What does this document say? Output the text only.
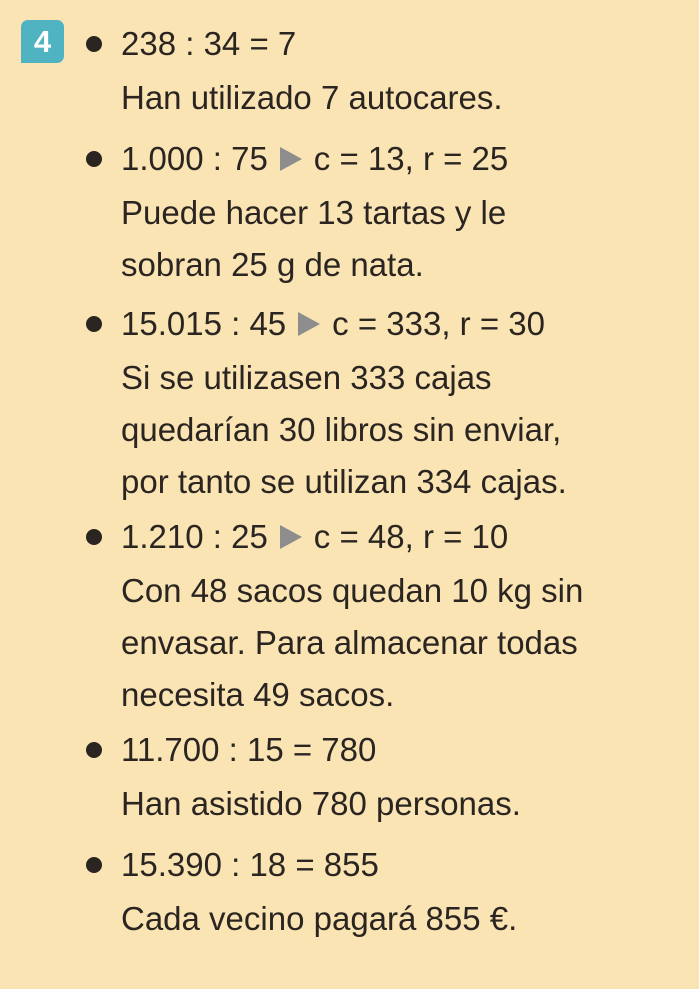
4	238 : 34 = 7
Han utilizado 7 autocares.
1.000 : 75 c = 13, r = 25
Puede hacer 13 tartas y le
sobran 25 g de nata.
15.015 : 45 c = 333, r = 30
Si se utilizasen 333 cajas
quedarían 30 libros sin enviar,
por tanto se utilizan 334 cajas.
1.210 : 25 c = 48, r = 10
Con 48 sacos quedan 10 kg sin
envasar. Para almacenar todas
necesita 49 sacos.
11.700 : 15 = 780
Han asistido 780 personas.
15.390 : 18 = 855
Cada vecino pagará 855 €.
